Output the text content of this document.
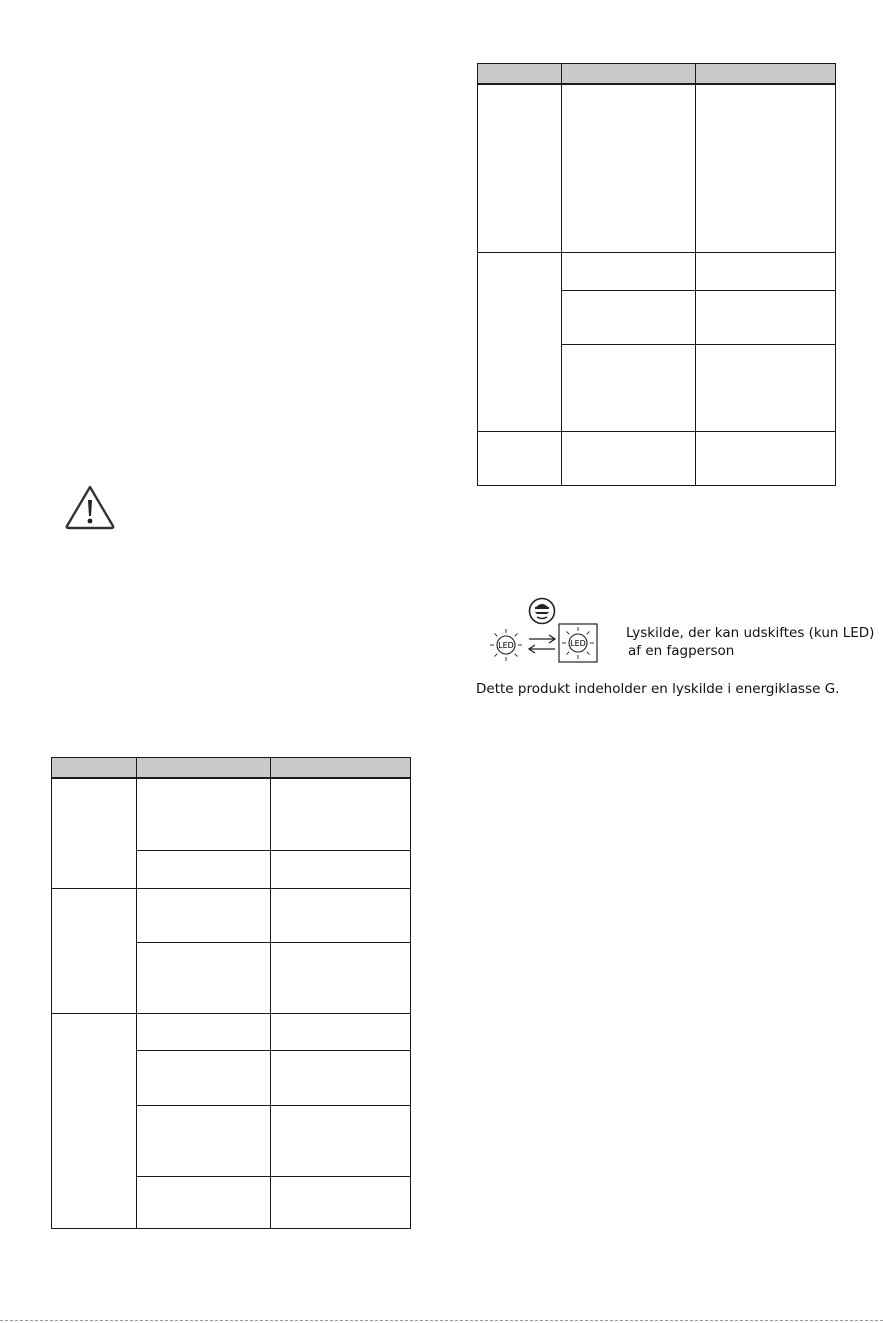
LED	LED
Lyskilde, der kan udskiftes (kun LED)
af en fagperson
Dette produkt indeholder en lyskilde i energiklasse G.
